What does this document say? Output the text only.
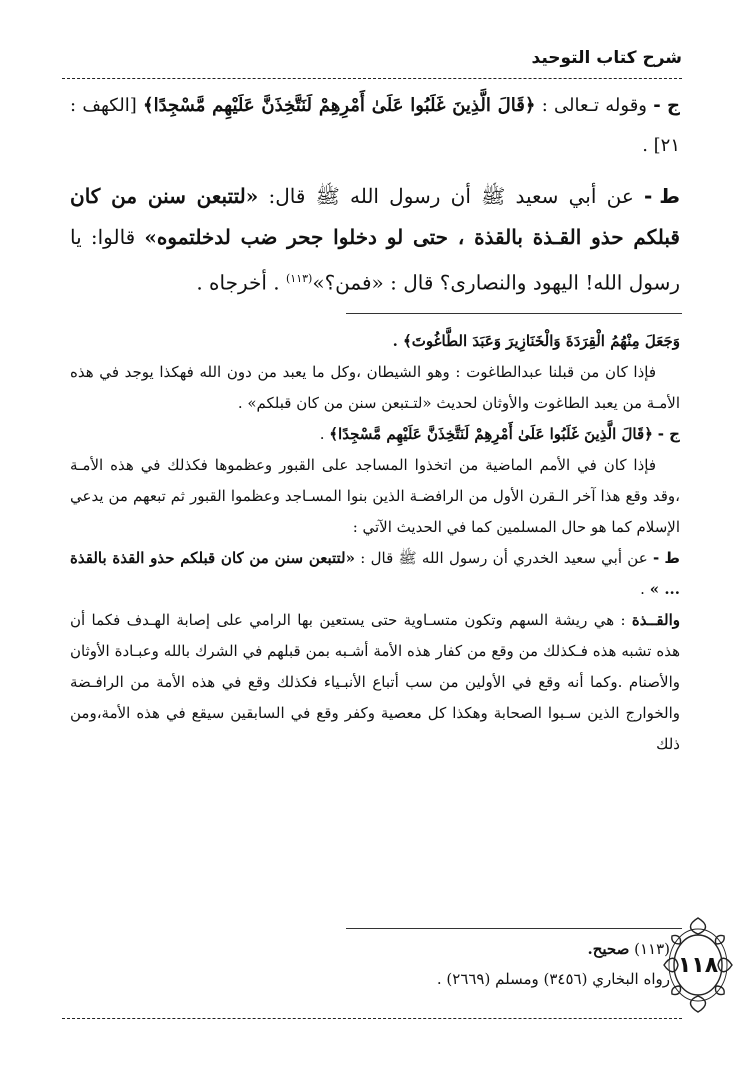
شرح كتاب التوحيد
ج - وقوله تـعالى : ﴿قَالَ الَّذِينَ غَلَبُوا عَلَىٰ أَمْرِهِمْ لَنَتَّخِذَنَّ عَلَيْهِم مَّسْجِدًا﴾ [الكهف : ٢١] .
ط - عن أبي سعيد ﷺ أن رسول الله ﷺ قال: «لتتبعن سنن من كان قبلكم حذو القـذة بالقذة ، حتى لو دخلوا جحر ضب لدخلتموه» قالوا: يا رسول الله! اليهود والنصارى؟ قال : «فمن؟»$^{(١١٣)}$ . أخرجاه .
وَجَعَلَ مِنْهُمُ الْقِرَدَةَ وَالْخَنَازِيرَ وَعَبَدَ الطَّاغُوتَ﴾ .
فإذا كان من قبلنا عبدالطاغوت : وهو الشيطان ،وكل ما يعبد من دون الله فهكذا يوجد في هذه الأمـة من يعبد الطاغوت والأوثان لحديث «لتـتبعن سنن من كان قبلكم» .
ج - ﴿قَالَ الَّذِينَ غَلَبُوا عَلَىٰ أَمْرِهِمْ لَنَتَّخِذَنَّ عَلَيْهِم مَّسْجِدًا﴾ .
فإذا كان في الأمم الماضية من اتخذوا المساجد على القبور وعظموها فكذلك في هذه الأمـة ،وقد وقع هذا آخر الـقرن الأول من الرافضـة الذين بنوا المسـاجد وعظموا القبور ثم تبعهم من يدعي الإسلام كما هو حال المسلمين كما في الحديث الآتي :
ط - عن أبي سعيد الخدري أن رسول الله ﷺ قال : «لتتبعن سنن من كان قبلكم حذو القذة بالقذة ... » .
والقــذة : هي ريشة السهم وتكون متسـاوية حتى يستعين بها الرامي على إصابة الهـدف فكما أن هذه تشبه هذه فـكذلك من وقع من كفار هذه الأمة أشـبه بمن قبلهم في الشرك بالله وعبـادة الأوثان والأصنام .وكما أنه وقع في الأولين من سب أتباع الأنبـياء فكذلك وقع في هذه الأمة من الرافـضة والخوارج الذين سـبوا الصحابة وهكذا كل معصية وكفر وقع في السابقين سيقع في هذه الأمة،ومن ذلك
(١١٣) صحيح.
رواه البخاري (٣٤٥٦) ومسلم (٢٦٦٩) .
١١٨
